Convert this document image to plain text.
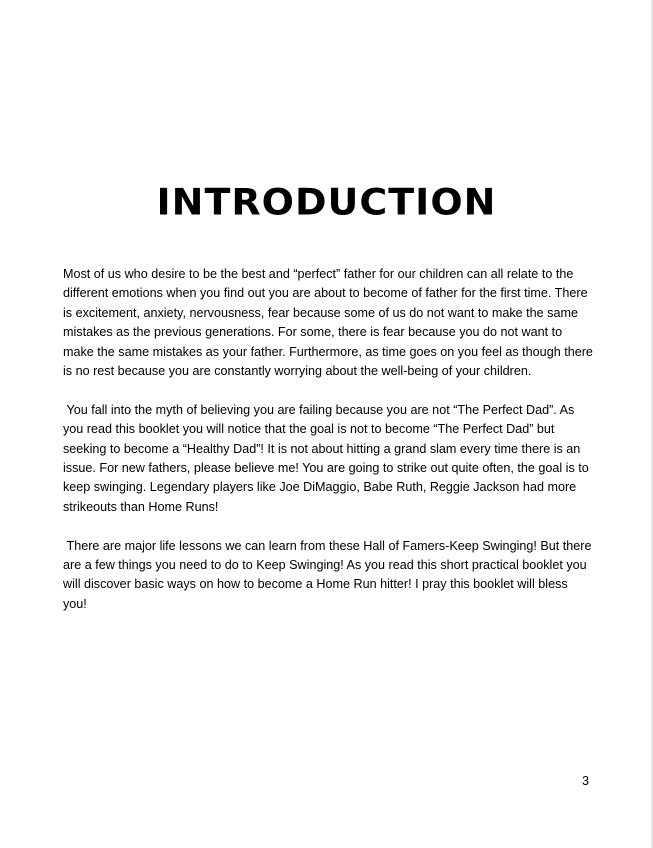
INTRODUCTION

Most of us who desire to be the best and “perfect” father for our children can all relate to the different emotions when you find out you are about to become of father for the first time. There is excitement, anxiety, nervousness, fear because some of us do not want to make the same mistakes as the previous generations. For some, there is fear because you do not want to make the same mistakes as your father. Furthermore, as time goes on you feel as though there is no rest because you are constantly worrying about the well-being of your children.

You fall into the myth of believing you are failing because you are not “The Perfect Dad”. As you read this booklet you will notice that the goal is not to become “The Perfect Dad” but seeking to become a “Healthy Dad”! It is not about hitting a grand slam every time there is an issue. For new fathers, please believe me! You are going to strike out quite often, the goal is to keep swinging. Legendary players like Joe DiMaggio, Babe Ruth, Reggie Jackson had more strikeouts than Home Runs!

There are major life lessons we can learn from these Hall of Famers-Keep Swinging! But there are a few things you need to do to Keep Swinging! As you read this short practical booklet you will discover basic ways on how to become a Home Run hitter! I pray this booklet will bless you!

3
